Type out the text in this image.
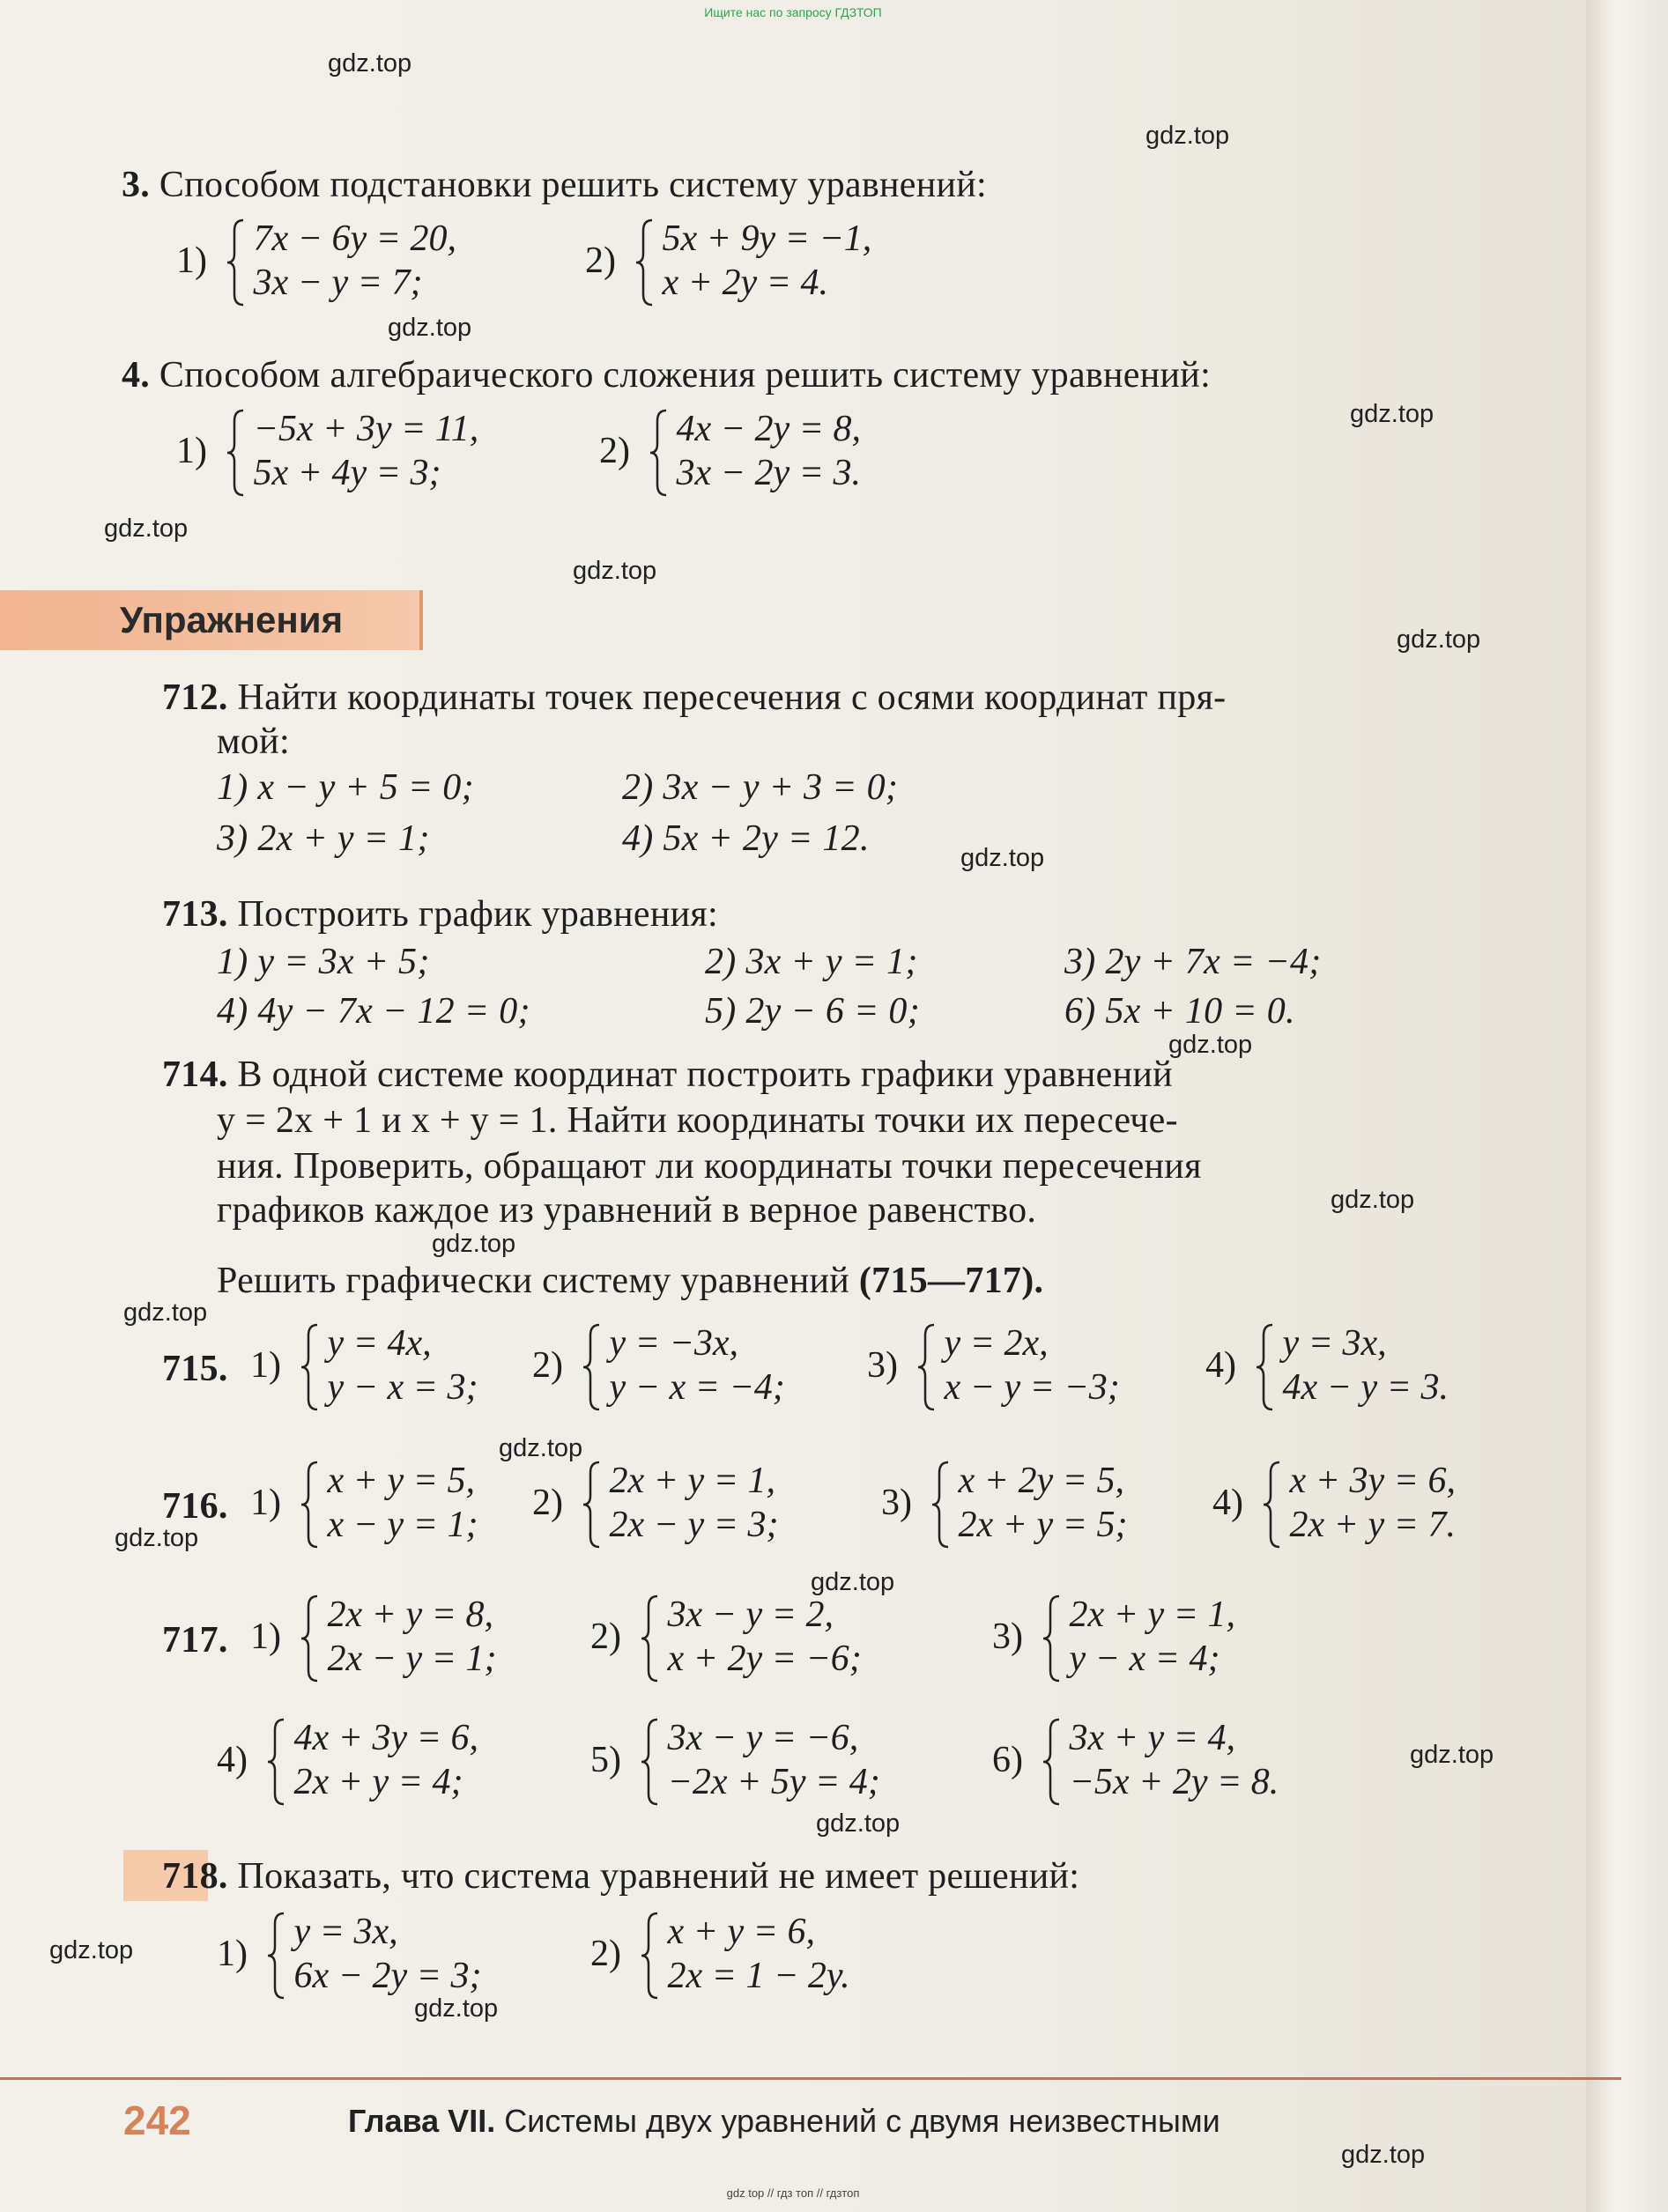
Ищите нас по запросу ГДЗТОП
gdz.top
gdz.top
gdz.top
gdz.top
gdz.top
gdz.top
gdz.top
gdz.top
gdz.top
gdz.top
gdz.top
gdz.top
gdz.top
gdz.top
gdz.top
gdz.top
gdz.top
gdz.top
gdz.top
gdz.top
3. Способом подстановки решить систему уравнений:
1)
7x − 6y = 20,
3x − y = 7;
2)
5x + 9y = −1,
x + 2y = 4.
4. Способом алгебраического сложения решить систему уравнений:
1)
−5x + 3y = 11,
5x + 4y = 3;
2)
4x − 2y = 8,
3x − 2y = 3.
Упражнения
712. Найти координаты точек пересечения с осями координат пря-
мой:
1) x − y + 5 = 0;	2) 3x − y + 3 = 0;
3) 2x + y = 1;	4) 5x + 2y = 12.
713. Построить график уравнения:
1) y = 3x + 5;	2) 3x + y = 1;	3) 2y + 7x = −4;
4) 4y − 7x − 12 = 0;	5) 2y − 6 = 0;	6) 5x + 10 = 0.
714. В одной системе координат построить графики уравнений
y = 2x + 1 и x + y = 1. Найти координаты точки их пересече-
ния. Проверить, обращают ли координаты точки пересечения
графиков каждое из уравнений в верное равенство.
Решить графически систему уравнений (715—717).
715. 1)
y = 4x,
y − x = 3;
2)
y = −3x,
y − x = −4;
3)
y = 2x,
x − y = −3;
4)
y = 3x,
4x − y = 3.
716. 1)
x + y = 5,
x − y = 1;
2)
2x + y = 1,
2x − y = 3;
3)
x + 2y = 5,
2x + y = 5;
4)
x + 3y = 6,
2x + y = 7.
717. 1)
2x + y = 8,
2x − y = 1;
2)
3x − y = 2,
x + 2y = −6;
3)
2x + y = 1,
y − x = 4;
4)
4x + 3y = 6,
2x + y = 4;
5)
3x − y = −6,
−2x + 5y = 4;
6)
3x + y = 4,
−5x + 2y = 8.
718. Показать, что система уравнений не имеет решений:
1)
y = 3x,
6x − 2y = 3;
2)
x + y = 6,
2x = 1 − 2y.
242	Глава VII. Системы двух уравнений с двумя неизвестными
gdz top // гдз топ // гдзтоп
